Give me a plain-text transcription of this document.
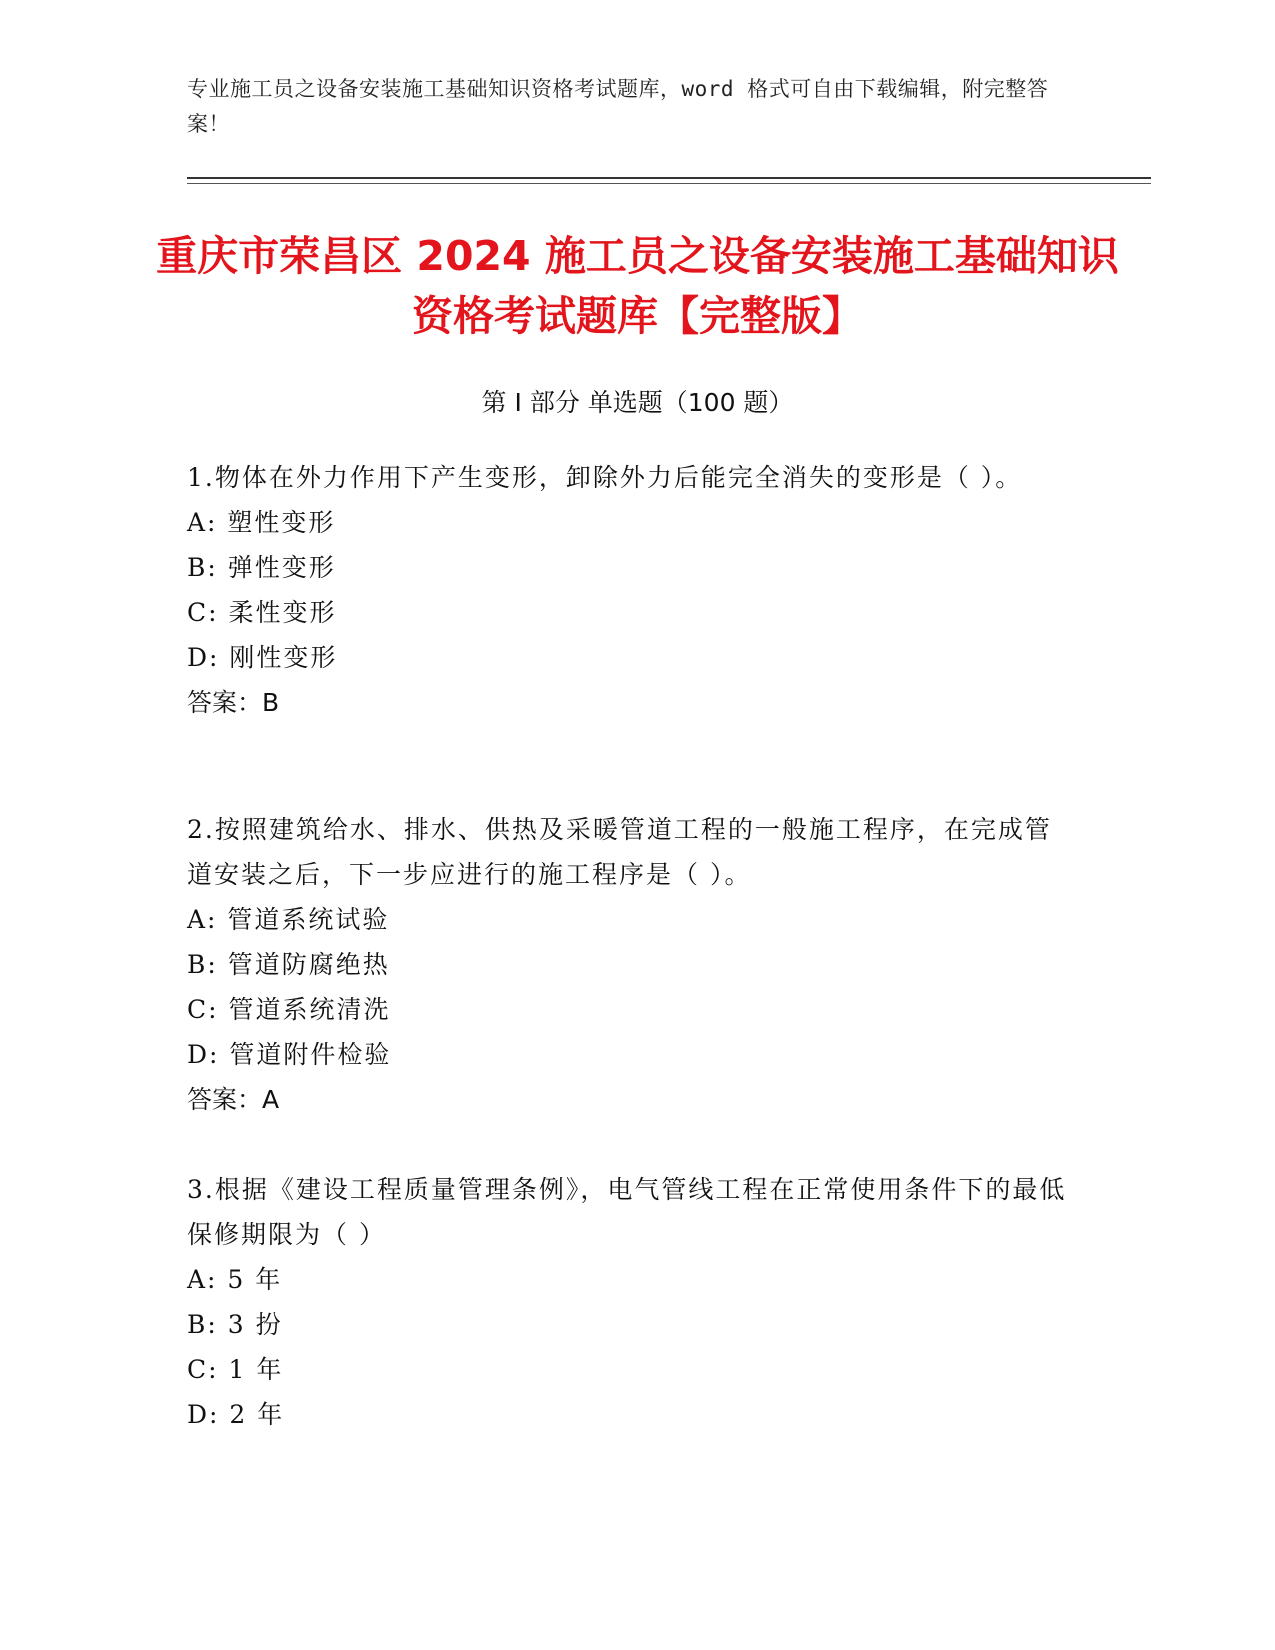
专业施工员之设备安装施工基础知识资格考试题库，word 格式可自由下载编辑，附完整答案！
重庆市荣昌区 2024 施工员之设备安装施工基础知识资格考试题库【完整版】
第 I 部分 单选题（100 题）

1.物体在外力作用下产生变形，卸除外力后能完全消失的变形是（ ）。

A: 塑性变形

B: 弹性变形

C: 柔性变形

D: 刚性变形

答案：B

2.按照建筑给水、排水、供热及采暖管道工程的一般施工程序，在完成管道安装之后，下一步应进行的施工程序是（ ）。

A: 管道系统试验

B: 管道防腐绝热

C: 管道系统清洗

D: 管道附件检验

答案：A

3.根据《建设工程质量管理条例》，电气管线工程在正常使用条件下的最低保修期限为（ ）

A: 5 年

B: 3 扮

C: 1 年

D: 2 年
